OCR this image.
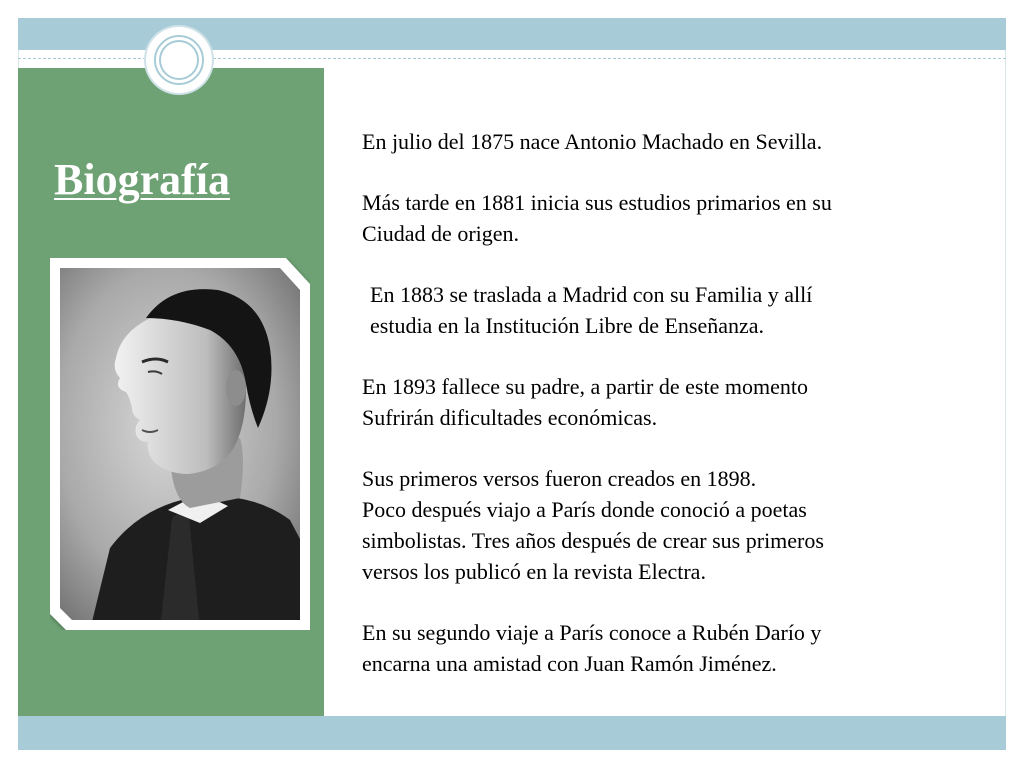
Biografía

En julio del 1875 nace Antonio Machado en Sevilla.

Más tarde en 1881 inicia sus estudios primarios en su
Ciudad de origen.

En 1883 se traslada a Madrid con su Familia y allí
estudia en la Institución Libre de Enseñanza.

En 1893 fallece su padre, a partir de este momento
Sufrirán dificultades económicas.

Sus primeros versos fueron creados en 1898.

Poco después viajo a París donde conoció a poetas
simbolistas. Tres años después de crear sus primeros
versos los publicó en la revista Electra.

En su segundo viaje a París conoce a Rubén Darío y
encarna una amistad con Juan Ramón Jiménez.
